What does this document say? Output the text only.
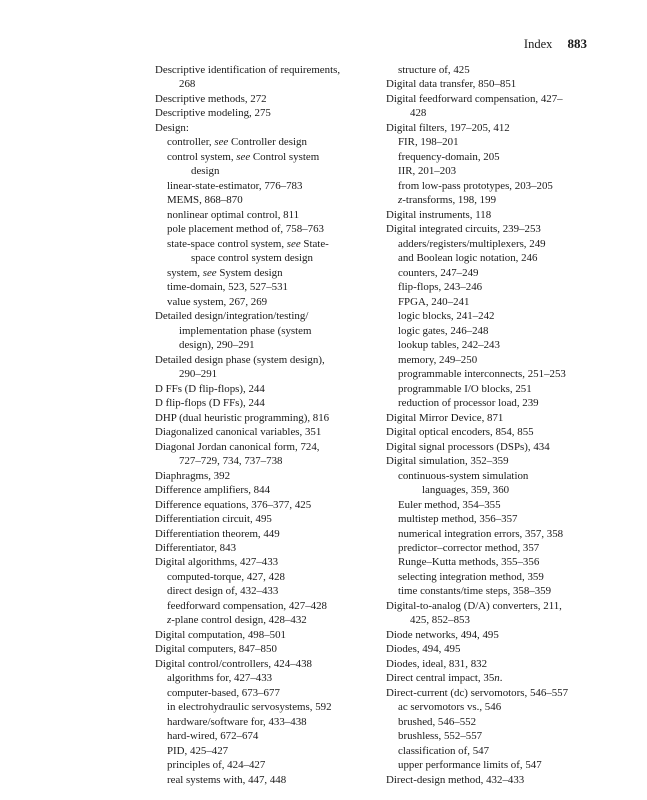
Index 883
Descriptive identification of requirements,
268
Descriptive methods, 272
Descriptive modeling, 275
Design:
controller, see Controller design
control system, see Control system
design
linear-state-estimator, 776–783
MEMS, 868–870
nonlinear optimal control, 811
pole placement method of, 758–763
state-space control system, see State-
space control system design
system, see System design
time-domain, 523, 527–531
value system, 267, 269
Detailed design/integration/testing/
implementation phase (system
design), 290–291
Detailed design phase (system design),
290–291
D FFs (D flip-flops), 244
D flip-flops (D FFs), 244
DHP (dual heuristic programming), 816
Diagonalized canonical variables, 351
Diagonal Jordan canonical form, 724,
727–729, 734, 737–738
Diaphragms, 392
Difference amplifiers, 844
Difference equations, 376–377, 425
Differentiation circuit, 495
Differentiation theorem, 449
Differentiator, 843
Digital algorithms, 427–433
computed-torque, 427, 428
direct design of, 432–433
feedforward compensation, 427–428
z-plane control design, 428–432
Digital computation, 498–501
Digital computers, 847–850
Digital control/controllers, 424–438
algorithms for, 427–433
computer-based, 673–677
in electrohydraulic servosystems, 592
hardware/software for, 433–438
hard-wired, 672–674
PID, 425–427
principles of, 424–427
real systems with, 447, 448
structure of, 425
Digital data transfer, 850–851
Digital feedforward compensation, 427–
428
Digital filters, 197–205, 412
FIR, 198–201
frequency-domain, 205
IIR, 201–203
from low-pass prototypes, 203–205
z-transforms, 198, 199
Digital instruments, 118
Digital integrated circuits, 239–253
adders/registers/multiplexers, 249
and Boolean logic notation, 246
counters, 247–249
flip-flops, 243–246
FPGA, 240–241
logic blocks, 241–242
logic gates, 246–248
lookup tables, 242–243
memory, 249–250
programmable interconnects, 251–253
programmable I/O blocks, 251
reduction of processor load, 239
Digital Mirror Device, 871
Digital optical encoders, 854, 855
Digital signal processors (DSPs), 434
Digital simulation, 352–359
continuous-system simulation
languages, 359, 360
Euler method, 354–355
multistep method, 356–357
numerical integration errors, 357, 358
predictor–corrector method, 357
Runge–Kutta methods, 355–356
selecting integration method, 359
time constants/time steps, 358–359
Digital-to-analog (D/A) converters, 211,
425, 852–853
Diode networks, 494, 495
Diodes, 494, 495
Diodes, ideal, 831, 832
Direct central impact, 35n.
Direct-current (dc) servomotors, 546–557
ac servomotors vs., 546
brushed, 546–552
brushless, 552–557
classification of, 547
upper performance limits of, 547
Direct-design method, 432–433
